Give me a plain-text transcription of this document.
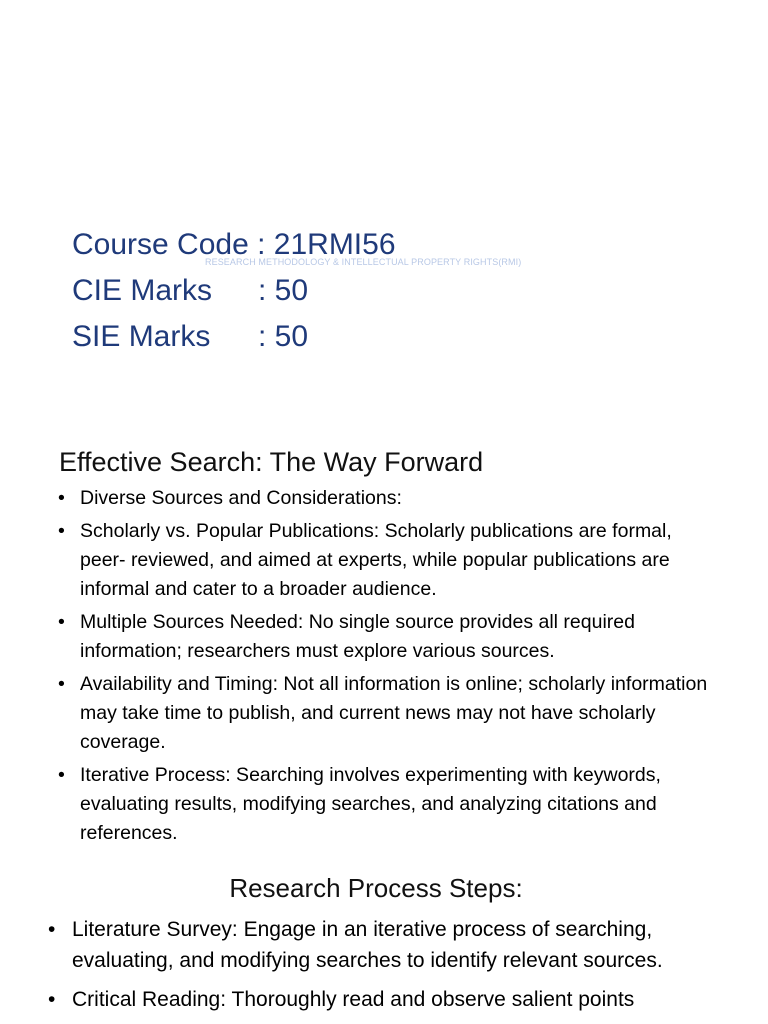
Course Code : 21RMI56
CIE Marks : 50
SIE Marks : 50
RESEARCH METHODOLOGY & INTELLECTUAL PROPERTY RIGHTS(RMI)
Effective Search: The Way Forward
• Diverse Sources and Considerations:
• Scholarly vs. Popular Publications: Scholarly publications are formal, peer- reviewed, and aimed at experts, while popular publications are informal and cater to a broader audience.
• Multiple Sources Needed: No single source provides all required information; researchers must explore various sources.
• Availability and Timing: Not all information is online; scholarly information may take time to publish, and current news may not have scholarly coverage.
• Iterative Process: Searching involves experimenting with keywords, evaluating results, modifying searches, and analyzing citations and references.
Research Process Steps:
• Literature Survey: Engage in an iterative process of searching, evaluating, and modifying searches to identify relevant sources.
• Critical Reading: Thoroughly read and observe salient points
